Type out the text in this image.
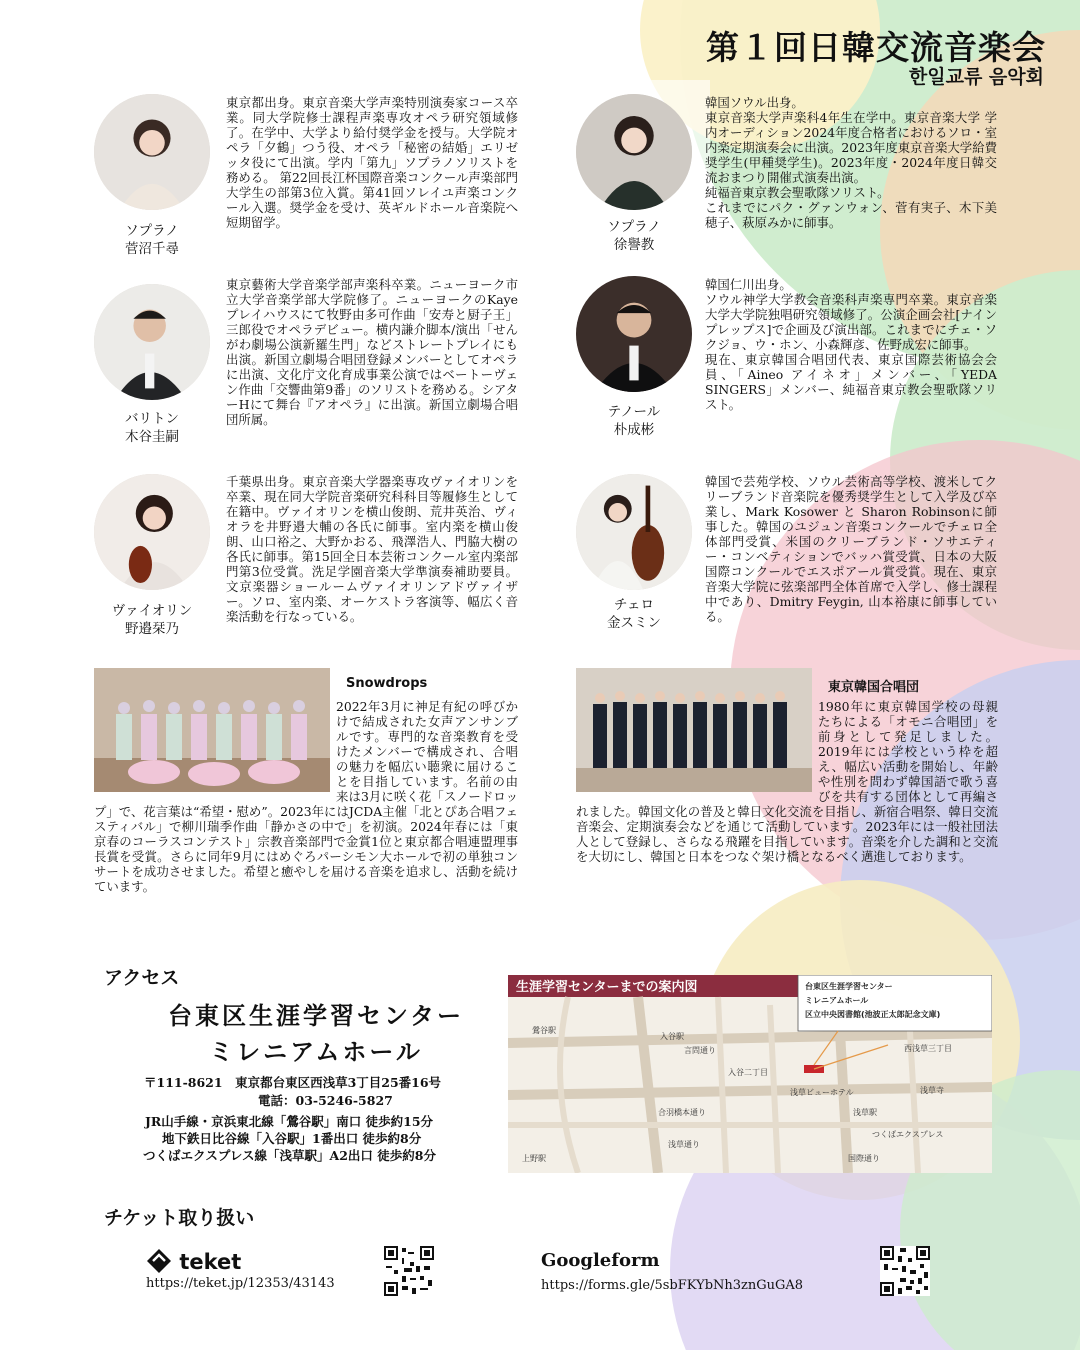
第１回日韓交流音楽会
한일교류 음악회
ソプラノ
菅沼千尋
東京都出身。東京音楽大学声楽特別演奏家コース卒業。同大学院修士課程声楽専攻オペラ研究領域修了。在学中、大学より給付奨学金を授与。大学院オペラ「夕鶴」つう役、オペラ「秘密の結婚」エリゼッタ役にて出演。学内「第九」ソプラノソリストを務める。 第22回長江杯国際音楽コンクール声楽部門大学生の部第3位入賞。第41回ソレイユ声楽コンクール入選。奨学金を受け、英ギルドホール音楽院へ短期留学。	ソプラノ
徐譽教
韓国ソウル出身。
東京音楽大学声楽科4年生在学中。東京音楽大学 学内オーディション2024年度合格者におけるソロ・室内楽定期演奏会に出演。2023年度東京音楽大学給費奨学生(甲種奨学生)。2023年度・2024年度日韓交流おまつり開催式演奏出演。
純福音東京教会聖歌隊ソリスト。
これまでにパク・グァンウォン、菅有実子、木下美穂子、萩原みかに師事。
バリトン
木谷圭嗣
東京藝術大学音楽学部声楽科卒業。ニューヨーク市立大学音楽学部大学院修了。ニューヨークのKaye プレイハウスにて牧野由多可作曲「安寿と厨子王」三郎役でオペラデビュー。横内謙介脚本/演出「せんがわ劇場公演新羅生門」などストレートプレイにも出演。新国立劇場合唱団登録メンバーとしてオペラに出演、文化庁文化育成事業公演ではベートーヴェン作曲「交響曲第9番」のソリストを務める。シアターHにて舞台『アオペラ』に出演。新国立劇場合唱団所属。	テノール
朴成彬
韓国仁川出身。
ソウル神学大学教会音楽科声楽専門卒業。東京音楽大学大学院独唱研究領域修了。公演企画会社[ナインプレップス]で企画及び演出部。これまでにチェ・ソクジョ、ウ・ホン、小森輝彦、佐野成宏に師事。
現在、東京韓国合唱団代表、東京国際芸術協会会員、「Aineo アイネオ」メンバー、「YEDA SINGERS」メンバー、純福音東京教会聖歌隊ソリスト。
ヴァイオリン
野邉栞乃
千葉県出身。東京音楽大学器楽専攻ヴァイオリンを卒業、現在同大学院音楽研究科科目等履修生として在籍中。ヴァイオリンを横山俊朗、荒井英治、ヴィオラを井野邉大輔の各氏に師事。室内楽を横山俊朗、山口裕之、大野かおる、飛澤浩人、門脇大樹の各氏に師事。第15回全日本芸術コンクール室内楽部門第3位受賞。洗足学園音楽大学準演奏補助要員。文京楽器ショールームヴァイオリンアドヴァイザー。ソロ、室内楽、オーケストラ客演等、幅広く音楽活動を行なっている。
チェロ
金スミン
韓国で芸苑学校、ソウル芸術高等学校、渡米してクリーブランド音楽院を優秀奨学生として入学及び卒業し、Mark Kosower と Sharon Robinsonに師事した。韓国のユジュン音楽コンクールでチェロ全体部門受賞、米国のクリーブランド・ソサエティー・コンベティションでバッハ賞受賞、日本の大阪国際コンクールでエスポアール賞受賞。現在、東京音楽大学院に弦楽部門全体首席で入学し、修士課程中であり、Dmitry Feygin, 山本裕康に師事している。
Snowdrops
2022年3月に神足有紀の呼びかけで結成された女声アンサンブルです。専門的な音楽教育を受けたメンバーで構成され、合唱の魅力を幅広い聴衆に届けることを目指しています。名前の由来は3月に咲く花「スノードロップ」で、花言葉は“希望・慰め”。2023年にはJCDA主催「北とぴあ合唱フェスティバル」で柳川瑞季作曲「静かさの中で」を初演。2024年春には「東京春のコーラスコンテスト」宗教音楽部門で金賞1位と東京都合唱連盟理事長賞を受賞。さらに同年9月にはめぐろパーシモン大ホールで初の単独コンサートを成功させました。希望と癒やしを届ける音楽を追求し、活動を続けています。
東京韓国合唱団
1980年に東京韓国学校の母親たちによる「オモニ合唱団」を前身として発足しました。2019年には学校という枠を超え、幅広い活動を開始し、年齢や性別を問わず韓国語で歌う喜びを共有する団体として再編されました。韓国文化の普及と韓日文化交流を目指し、新宿合唱祭、韓日交流音楽会、定期演奏会などを通じて活動しています。2023年には一般社団法人として登録し、さらなる飛躍を目指しています。音楽を介した調和と交流を大切にし、韓国と日本をつなぐ架け橋となるべく邁進しております。
アクセス
台東区生涯学習センター
ミレニアムホール
〒111-8621　東京都台東区西浅草3丁目25番16号
電話：03-5246-5827
JR山手線・京浜東北線「鶯谷駅」南口 徒歩約15分
地下鉄日比谷線「入谷駅」1番出口 徒歩約8分
つくばエクスプレス線「浅草駅」A2出口 徒歩約8分
生涯学習センターまでの案内図	台東区生涯学習センター
ミレニアムホール
区立中央図書館(池波正太郎記念文庫)
鶯谷駅
入谷駅
言問通り
入谷二丁目
西浅草三丁目
浅草ビューホテル
合羽橋本通り	浅草駅
つくばエクスプレス
浅草寺
浅草通り
国際通り
上野駅
チケット取り扱い
teket
https://teket.jp/12353/43143
Googleform
https://forms.gle/5sbFKYbNh3znGuGA8
